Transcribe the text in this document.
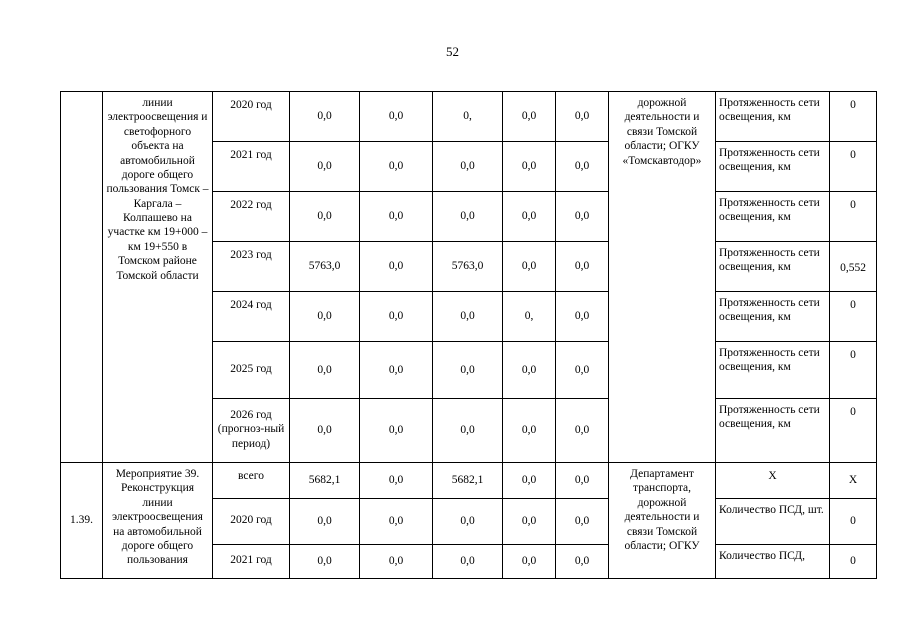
52
	линии электроосвещения и светофорного объекта на автомобильной дороге общего пользования Томск – Каргала – Колпашево на участке км 19+000 – км 19+550 в Томском районе Томской области	2020 год	0,0	0,0	0,	0,0	0,0	дорожной деятельности и связи Томской области; ОГКУ «Томскавтодор»	Протяженность сети освещения, км	0
		2021 год	0,0	0,0	0,0	0,0	0,0		Протяженность сети освещения, км	0
		2022 год	0,0	0,0	0,0	0,0	0,0		Протяженность сети освещения, км	0
		2023 год	5763,0	0,0	5763,0	0,0	0,0		Протяженность сети освещения, км	0,552
		2024 год	0,0	0,0	0,0	0,	0,0		Протяженность сети освещения, км	0
		2025 год	0,0	0,0	0,0	0,0	0,0		Протяженность сети освещения, км	0
		2026 год (прогноз-ный период)	0,0	0,0	0,0	0,0	0,0		Протяженность сети освещения, км	0
1.39.	Мероприятие 39. Реконструкция линии электроосвещения на автомобильной дороге общего пользования	всего	5682,1	0,0	5682,1	0,0	0,0	Департамент транспорта, дорожной деятельности и связи Томской области; ОГКУ	Х	Х
		2020 год	0,0	0,0	0,0	0,0	0,0		Количество ПСД, шт.	0
		2021 год	0,0	0,0	0,0	0,0	0,0		Количество ПСД,	0
